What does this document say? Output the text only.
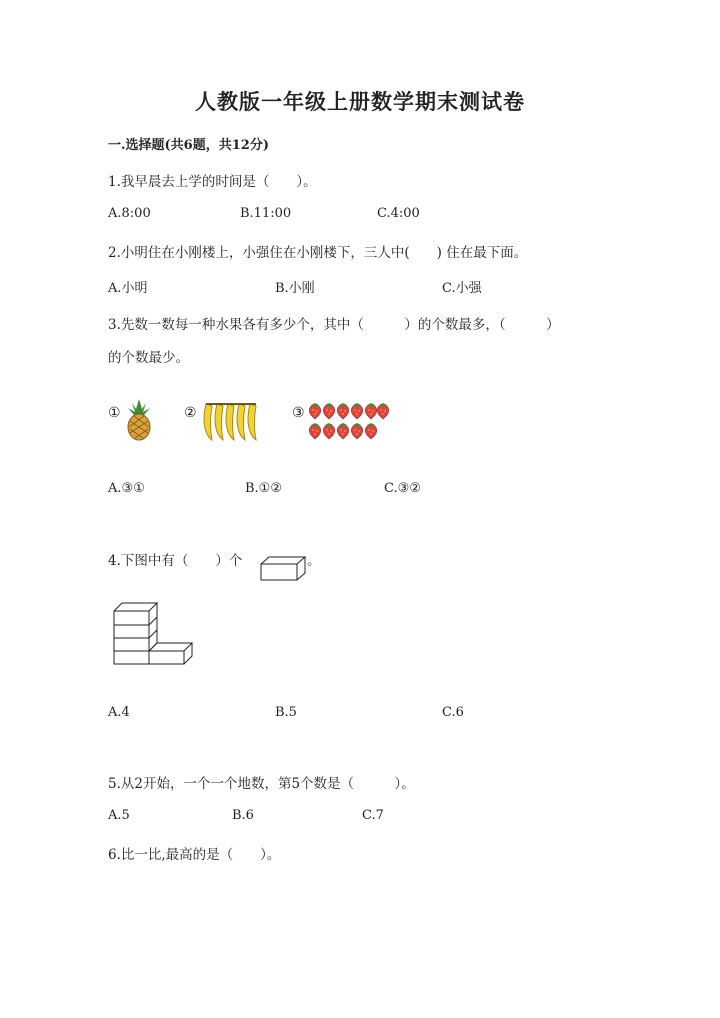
人教版一年级上册数学期末测试卷
一.选择题(共6题，共12分)
1.我早晨去上学的时间是（　　）。
A.8:00	B.11:00	C.4:00
2.小明住在小刚楼上，小强住在小刚楼下，三人中(　　) 住在最下面。
A.小明	B.小刚	C.小强
3.先数一数每一种水果各有多少个，其中（　　　）的个数最多，（　　　）
的个数最少。
①	②	③
A.③①	B.①②	C.③②
4.下图中有（　　）个	。
A.4	B.5	C.6
5.从2开始，一个一个地数，第5个数是（　　　）。
A.5	B.6	C.7
6.比一比,最高的是（　　）。
